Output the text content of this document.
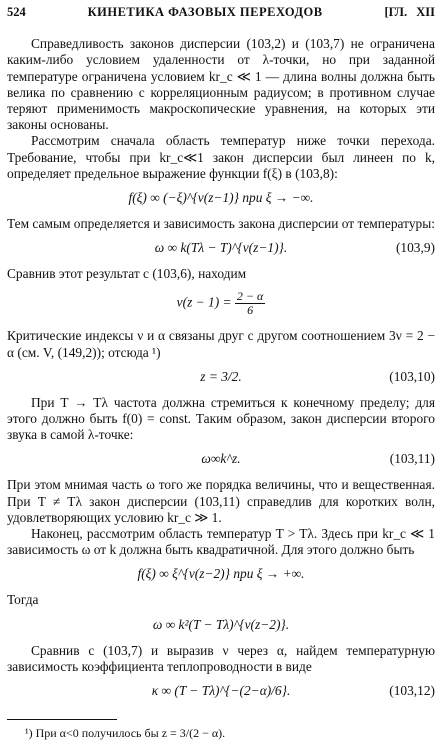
524	КИНЕТИКА ФАЗОВЫХ ПЕРЕХОДОВ	[ГЛ. XII

Справедливость законов дисперсии (103,2) и (103,7) не ограничена каким-либо условием удаленности от λ-точки, но при заданной температуре ограничена условием kr_c ≪ 1 — длина волны должна быть велика по сравнению с корреляционным радиусом; в противном случае теряют применимость макроскопические уравнения, на которых эти законы основаны.

Рассмотрим сначала область температур ниже точки перехода. Требование, чтобы при kr_c≪1 закон дисперсии был линеен по k, определяет предельное выражение функции f(ξ) в (103,8):

f(ξ) ∞ (−ξ)^{ν(z−1)} при ξ → −∞.

Тем самым определяется и зависимость закона дисперсии от температуры:

ω ∞ k(Tλ − T)^{ν(z−1)}.	(103,9)

Сравнив этот результат с (103,6), находим

$\nu(z - 1) = \frac{2 - \alpha}{6}$

Критические индексы ν и α связаны друг с другом соотношением 3ν = 2 − α (см. V, (149,2)); отсюда ¹)

z = 3/2.	(103,10)

При T → Tλ частота должна стремиться к конечному пределу; для этого должно быть f(0) = const. Таким образом, закон дисперсии второго звука в самой λ-точке:

ω∞k^z.	(103,11)

При этом мнимая часть ω того же порядка величины, что и вещественная. При T ≠ Tλ закон дисперсии (103,11) справедлив для коротких волн, удовлетворяющих условию kr_c ≫ 1.

Наконец, рассмотрим область температур T > Tλ. Здесь при kr_c ≪ 1 зависимость ω от k должна быть квадратичной. Для этого должно быть

f(ξ) ∞ ξ^{ν(z−2)} при ξ → +∞.

Тогда

ω ∞ k²(T − Tλ)^{ν(z−2)}.

Сравнив с (103,7) и выразив ν через α, найдем температурную зависимость коэффициента теплопроводности в виде

κ ∞ (T − Tλ)^{−(2−α)/6}.	(103,12)

¹) При α<0 получилось бы z = 3/(2 − α).
